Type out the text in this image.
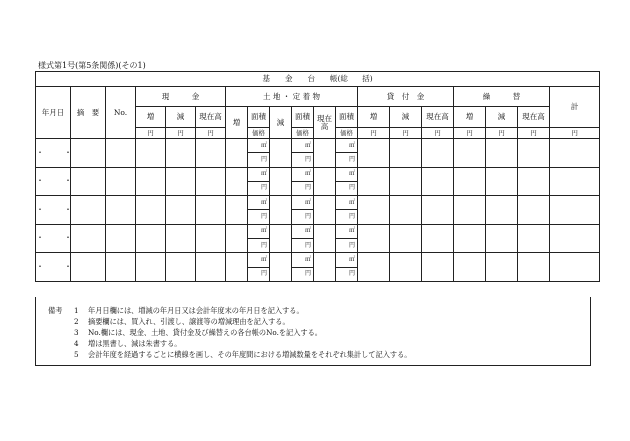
様式第1号(第5条関係)(その1)
基　　金　　台　　帳(総 括)																		
年月日	摘　要	No.	現　　　金			土 地 ・ 定 着 物						貸　付　金			繰　　　替			計
			増	減	現在高	増	面積	減	面積	現在高	面積	増	減	現在高	増	減	現在高	
			円	円	円		価格		価格		価格	円	円	円	円	円	円	円
・　・							㎡		㎡		㎡							
							円		円		円							
・　・							㎡		㎡		㎡							
							円		円		円							
・　・							㎡		㎡		㎡							
							円		円		円							
・　・							㎡		㎡		㎡							
							円		円		円							
・　・							㎡		㎡		㎡							
							円		円		円							
備考 1 年月日欄には、増減の年月日又は会計年度末の年月日を記入する。
2 摘要欄には、買入れ、引渡し、譲渡等の増減理由を記入する。
3 No.欄には、現金、土地、貸付金及び繰替えの各台帳のNo.を記入する。
4 増は黒書し、減は朱書する。
5 会計年度を経過するごとに横線を画し、その年度間における増減数量をそれぞれ集計して記入する。
